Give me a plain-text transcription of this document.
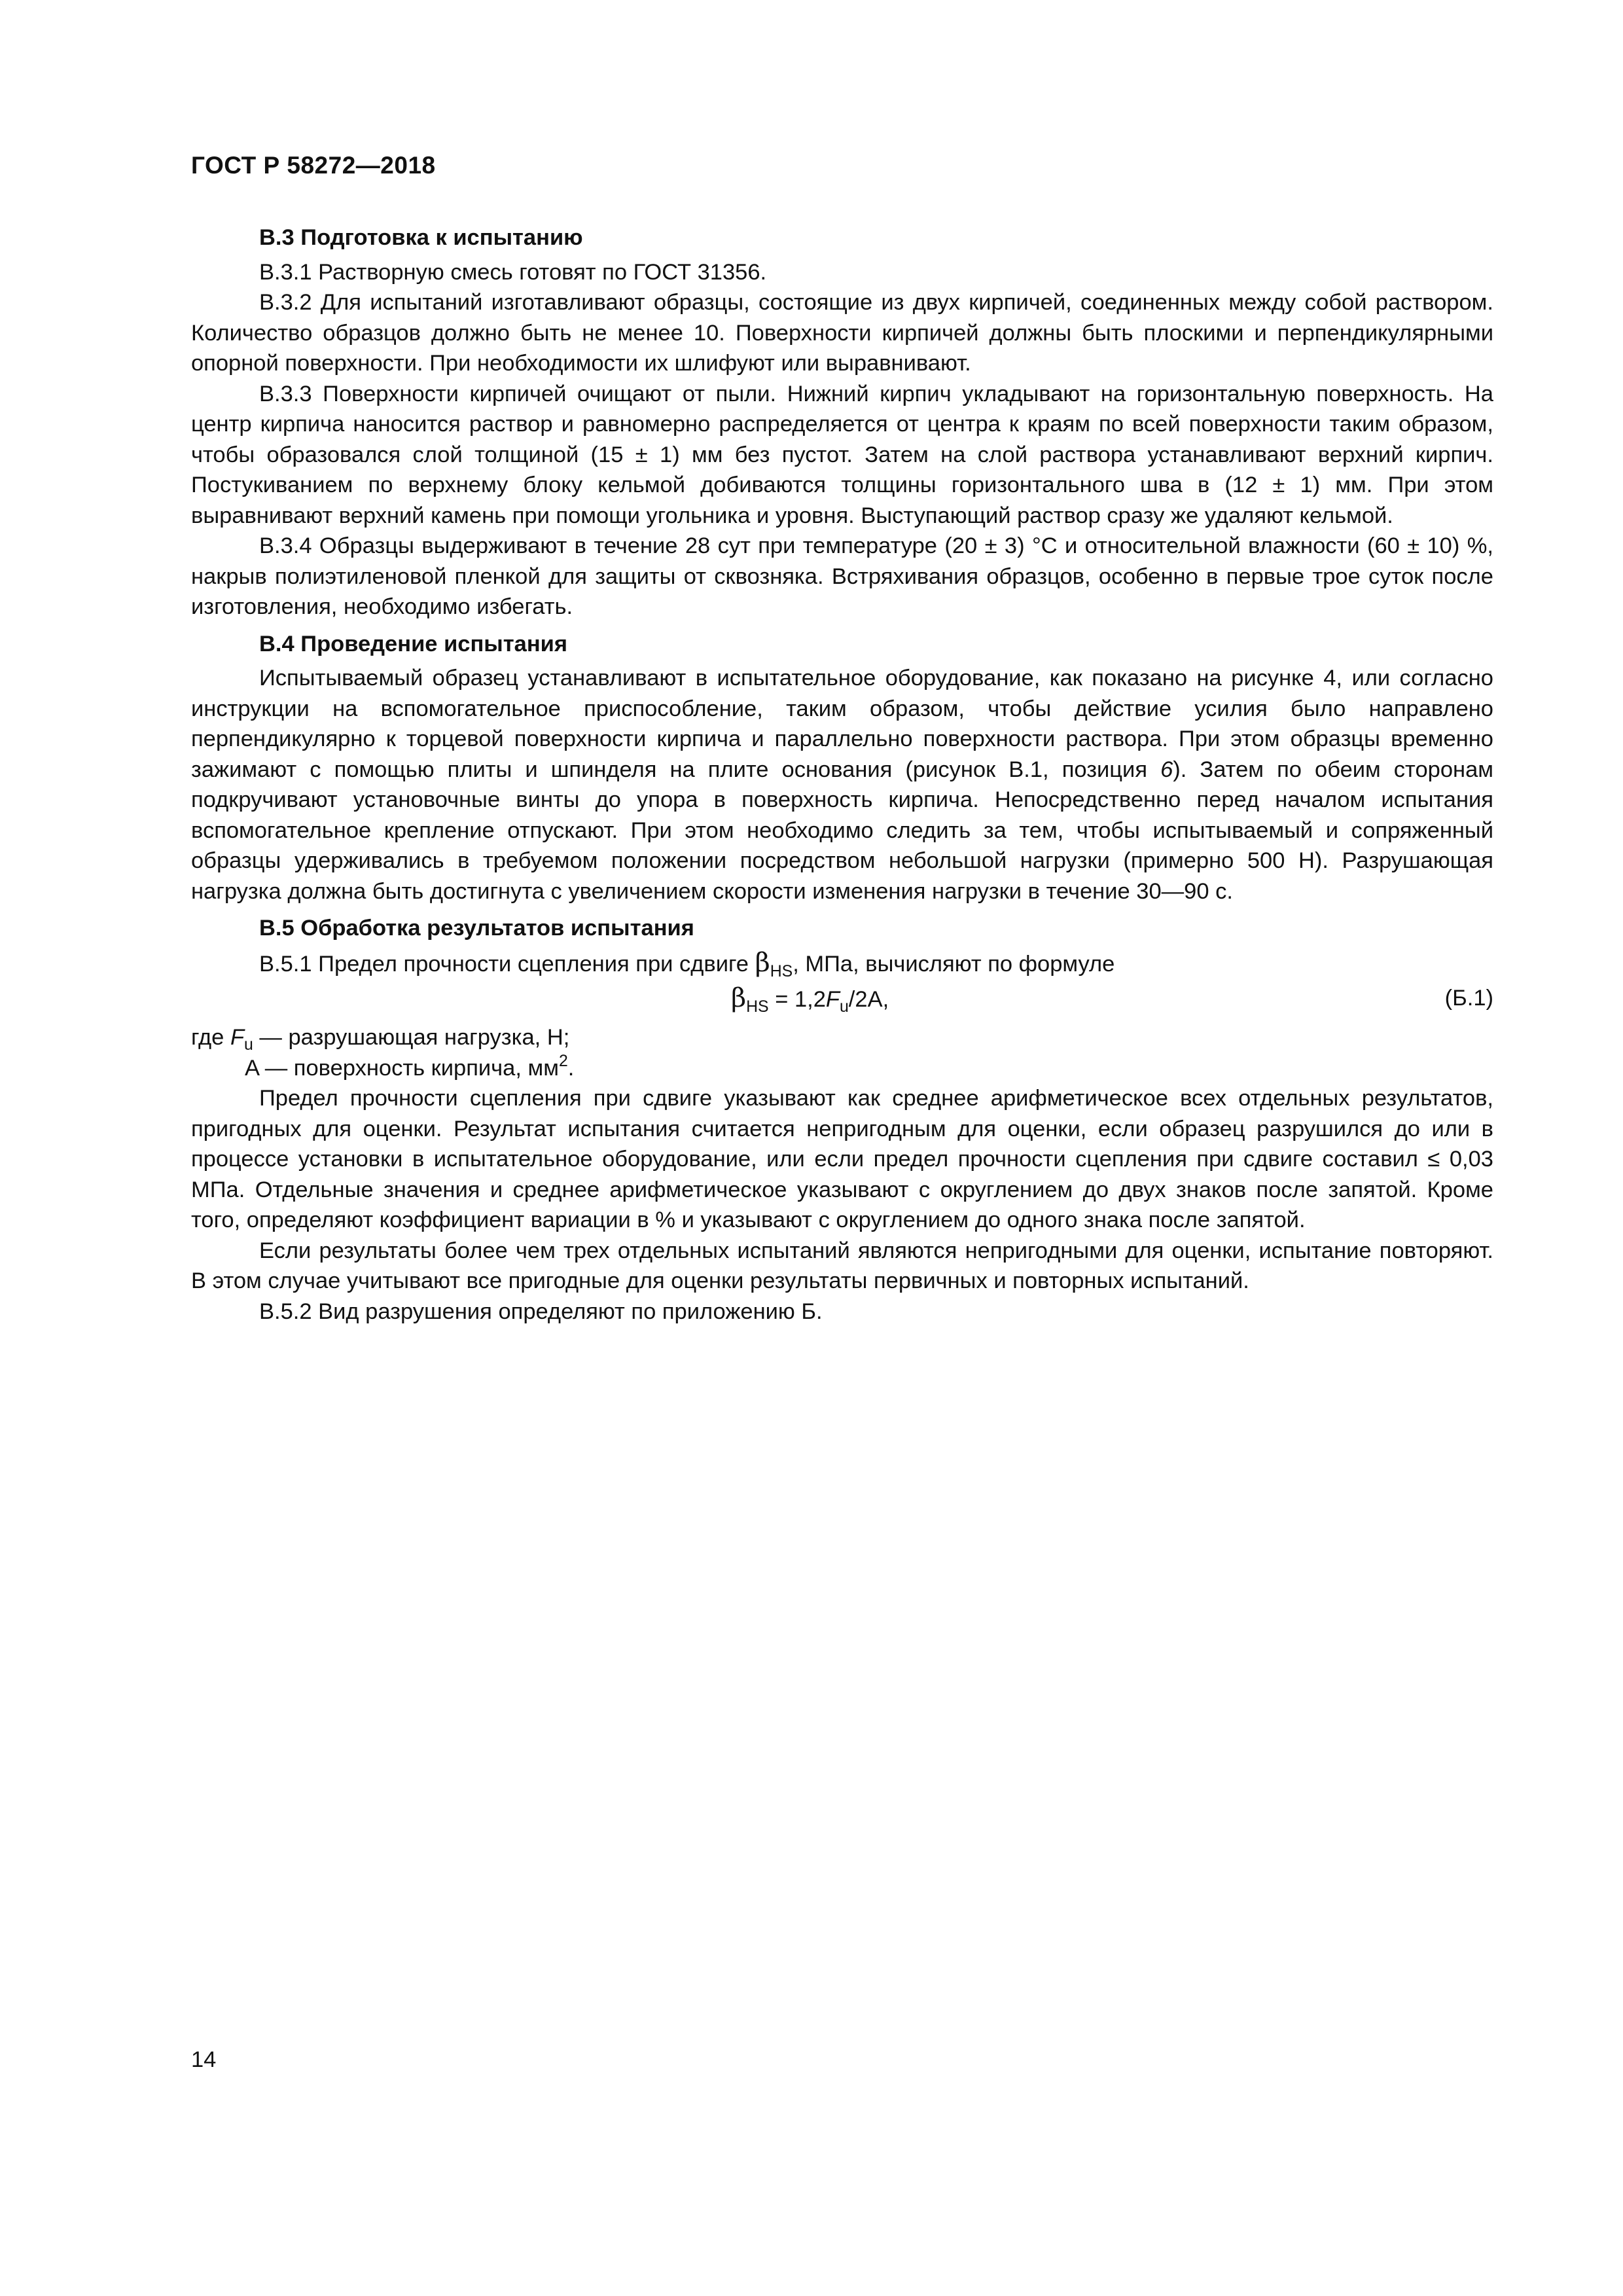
ГОСТ Р 58272—2018

В.3 Подготовка к испытанию

В.3.1 Растворную смесь готовят по ГОСТ 31356.

В.3.2 Для испытаний изготавливают образцы, состоящие из двух кирпичей, соединенных между собой раствором. Количество образцов должно быть не менее 10. Поверхности кирпичей должны быть плоскими и перпендикулярными опорной поверхности. При необходимости их шлифуют или выравнивают.

В.3.3 Поверхности кирпичей очищают от пыли. Нижний кирпич укладывают на горизонтальную поверхность. На центр кирпича наносится раствор и равномерно распределяется от центра к краям по всей поверхности таким образом, чтобы образовался слой толщиной (15 ± 1) мм без пустот. Затем на слой раствора устанавливают верхний кирпич. Постукиванием по верхнему блоку кельмой добиваются толщины горизонтального шва в (12 ± 1) мм. При этом выравнивают верхний камень при помощи угольника и уровня. Выступающий раствор сразу же удаляют кельмой.

В.3.4 Образцы выдерживают в течение 28 сут при температуре (20 ± 3) °С и относительной влажности (60 ± 10) %, накрыв полиэтиленовой пленкой для защиты от сквозняка. Встряхивания образцов, особенно в первые трое суток после изготовления, необходимо избегать.

В.4 Проведение испытания

Испытываемый образец устанавливают в испытательное оборудование, как показано на рисунке 4, или согласно инструкции на вспомогательное приспособление, таким образом, чтобы действие усилия было направлено перпендикулярно к торцевой поверхности кирпича и параллельно поверхности раствора. При этом образцы временно зажимают с помощью плиты и шпинделя на плите основания (рисунок В.1, позиция 6). Затем по обеим сторонам подкручивают установочные винты до упора в поверхность кирпича. Непосредственно перед началом испытания вспомогательное крепление отпускают. При этом необходимо следить за тем, чтобы испытываемый и сопряженный образцы удерживались в требуемом положении посредством небольшой нагрузки (примерно 500 Н). Разрушающая нагрузка должна быть достигнута с увеличением скорости изменения нагрузки в течение 30—90 с.

В.5 Обработка результатов испытания

В.5.1 Предел прочности сцепления при сдвиге $\beta_{HS}$, МПа, вычисляют по формуле

$\beta_{HS} = 1,2F_u/2A$,	(Б.1)

где $F_u$ — разрушающая нагрузка, Н;

A — поверхность кирпича, $мм^2$.

Предел прочности сцепления при сдвиге указывают как среднее арифметическое всех отдельных результатов, пригодных для оценки. Результат испытания считается непригодным для оценки, если образец разрушился до или в процессе установки в испытательное оборудование, или если предел прочности сцепления при сдвиге составил ≤ 0,03 МПа. Отдельные значения и среднее арифметическое указывают с округлением до двух знаков после запятой. Кроме того, определяют коэффициент вариации в % и указывают с округлением до одного знака после запятой.

Если результаты более чем трех отдельных испытаний являются непригодными для оценки, испытание повторяют. В этом случае учитывают все пригодные для оценки результаты первичных и повторных испытаний.

В.5.2 Вид разрушения определяют по приложению Б.

14
